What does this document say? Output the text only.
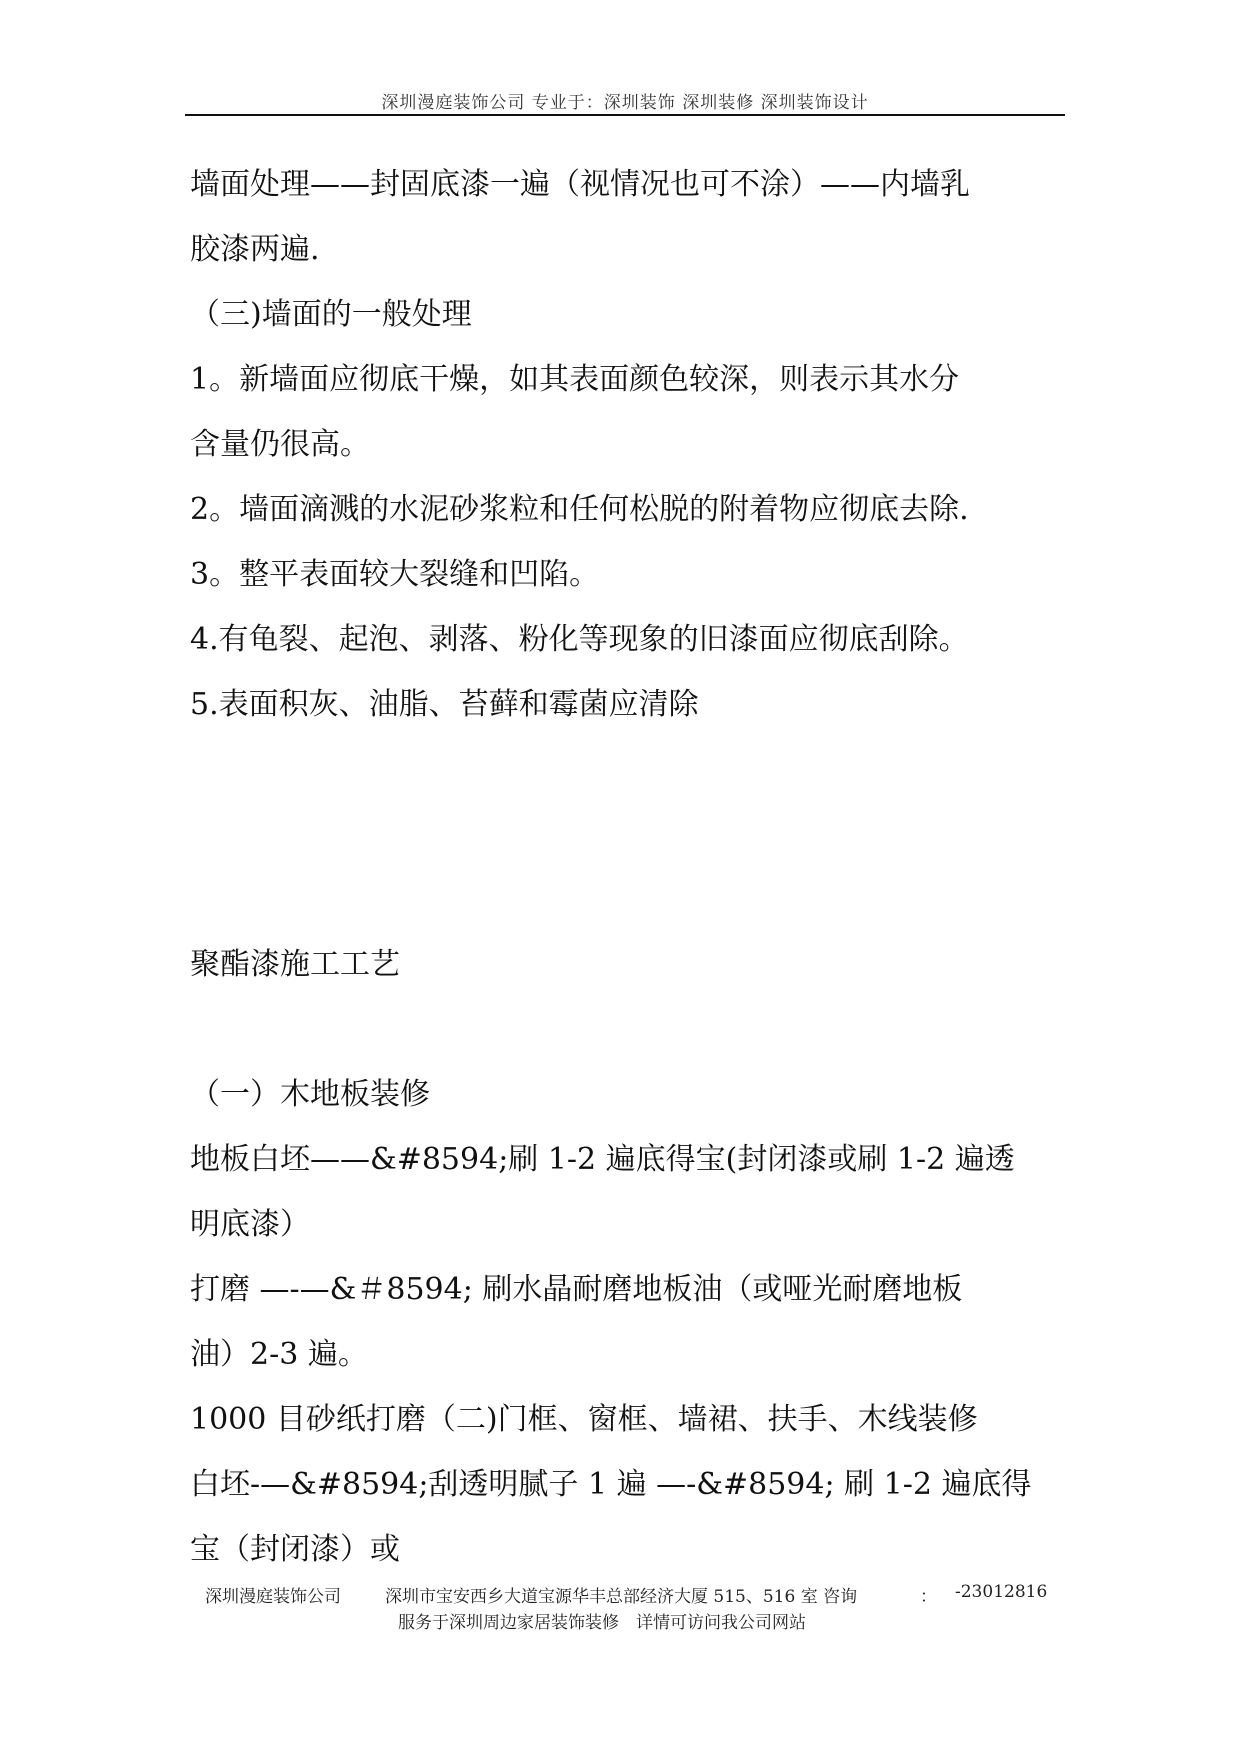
深圳漫庭装饰公司 专业于：深圳装饰 深圳装修 深圳装饰设计
墙面处理——封固底漆一遍（视情况也可不涂）——内墙乳
胶漆两遍.
（三)墙面的一般处理
1。新墙面应彻底干燥，如其表面颜色较深，则表示其水分
含量仍很高。
2。墙面滴溅的水泥砂浆粒和任何松脱的附着物应彻底去除.
3。整平表面较大裂缝和凹陷。
4.有龟裂、起泡、剥落、粉化等现象的旧漆面应彻底刮除。
5.表面积灰、油脂、苔藓和霉菌应清除
聚酯漆施工工艺
（一）木地板装修
地板白坯——&#8594;刷 1-2 遍底得宝(封闭漆或刷 1-2 遍透
明底漆）
打磨 —-—&＃8594; 刷水晶耐磨地板油（或哑光耐磨地板
油）2-3 遍。
1000 目砂纸打磨（二)门框、窗框、墙裙、扶手、木线装修
白坯-—&#8594;刮透明腻子 1 遍 —-&#8594; 刷 1-2 遍底得
宝（封闭漆）或
深圳漫庭装饰公司	深圳市宝安西乡大道宝源华丰总部经济大厦 515、516 室 咨询	： -23012816
服务于深圳周边家居装饰装修　详情可访问我公司网站
